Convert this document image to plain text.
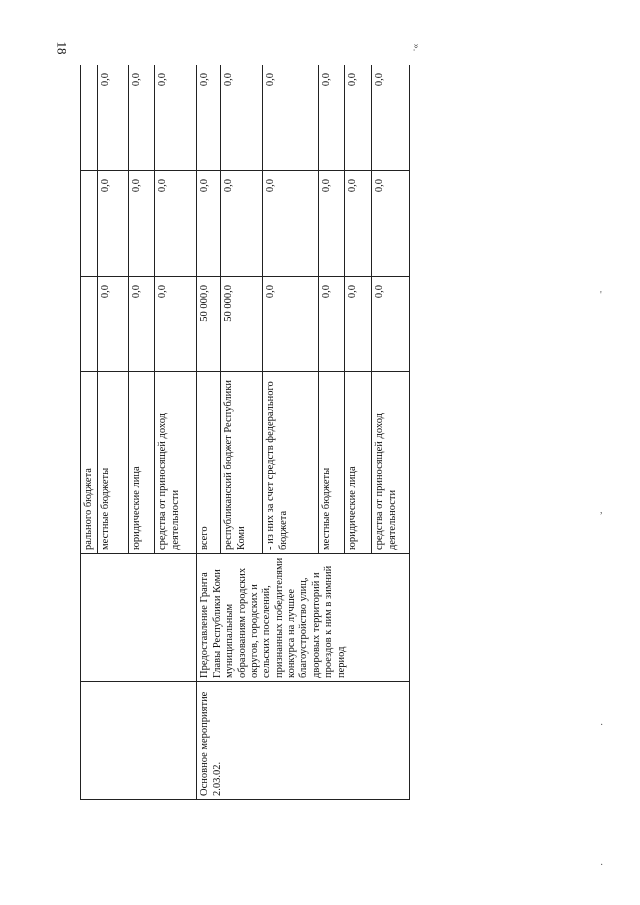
18	».
'
,
·
·
		рального бюджета			
		местные бюджеты	0,0	0,0	0,0
		юридические лица	0,0	0,0	0,0
		средства от приносящей доход деятельности	0,0	0,0	0,0
Основное мероприятие 2.03.02.	Предоставление Гранта Главы Республики Коми муниципальным образованиям городских округов, городских и сельских поселений, признанных победителями конкурса на лучшее благоустройство улиц, дворовых территорий и проездов к ним в зимний период	всего	50 000,0	0,0	0,0
		республиканский бюджет Республики Коми	50 000,0	0,0	0,0
		- из них за счет средств федерального бюджета	0,0	0,0	0,0
		местные бюджеты	0,0	0,0	0,0
		юридические лица	0,0	0,0	0,0
		средства от приносящей доход деятельности	0,0	0,0	0,0
